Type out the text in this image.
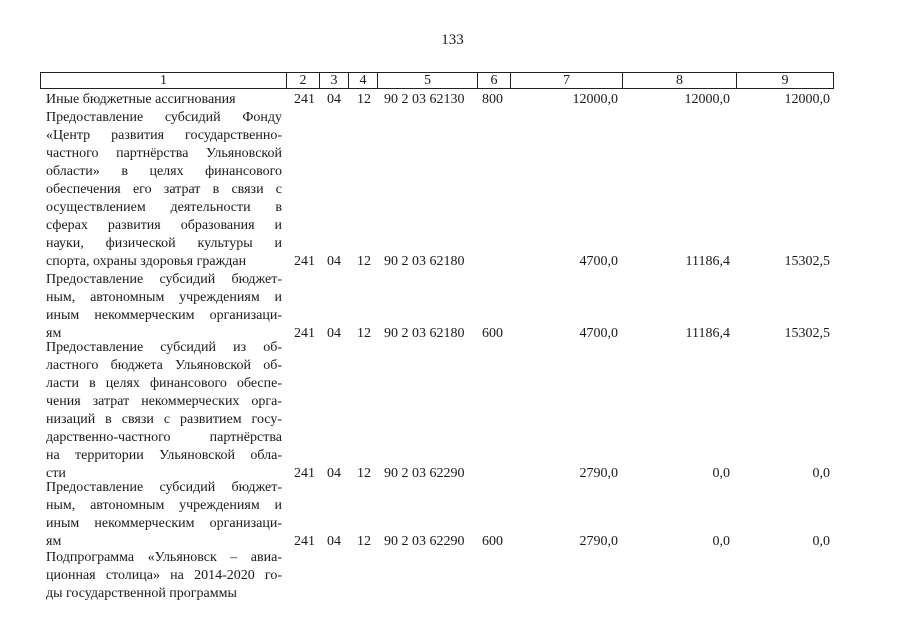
133
1	2	3	4	5	6	7	8	9
Иные бюджетные ассигнования	241 04 12 90 2 03 62130 800	12000,0	12000,0	12000,0
Предоставление субсидий Фонду
«Центр развития государственно-
частного партнёрства Ульяновской
области» в целях финансового
обеспечения его затрат в связи с
осуществлением деятельности в
сферах развития образования и
науки, физической культуры и
спорта, охраны здоровья граждан	241 04 12 90 2 03 62180	4700,0	11186,4	15302,5
Предоставление субсидий бюджет-
ным, автономным учреждениям и
иным некоммерческим организаци-
ям	241 04 12 90 2 03 62180 600	4700,0	11186,4	15302,5
Предоставление субсидий из об-
ластного бюджета Ульяновской об-
ласти в целях финансового обеспе-
чения затрат некоммерческих орга-
низаций в связи с развитием госу-
дарственно-частного партнёрства
на территории Ульяновской обла-
сти	241 04 12 90 2 03 62290	2790,0	0,0	0,0
Предоставление субсидий бюджет-
ным, автономным учреждениям и
иным некоммерческим организаци-
ям	241 04 12 90 2 03 62290 600	2790,0	0,0	0,0
Подпрограмма «Ульяновск – авиа-
ционная столица» на 2014-2020 го-
ды государственной программы
